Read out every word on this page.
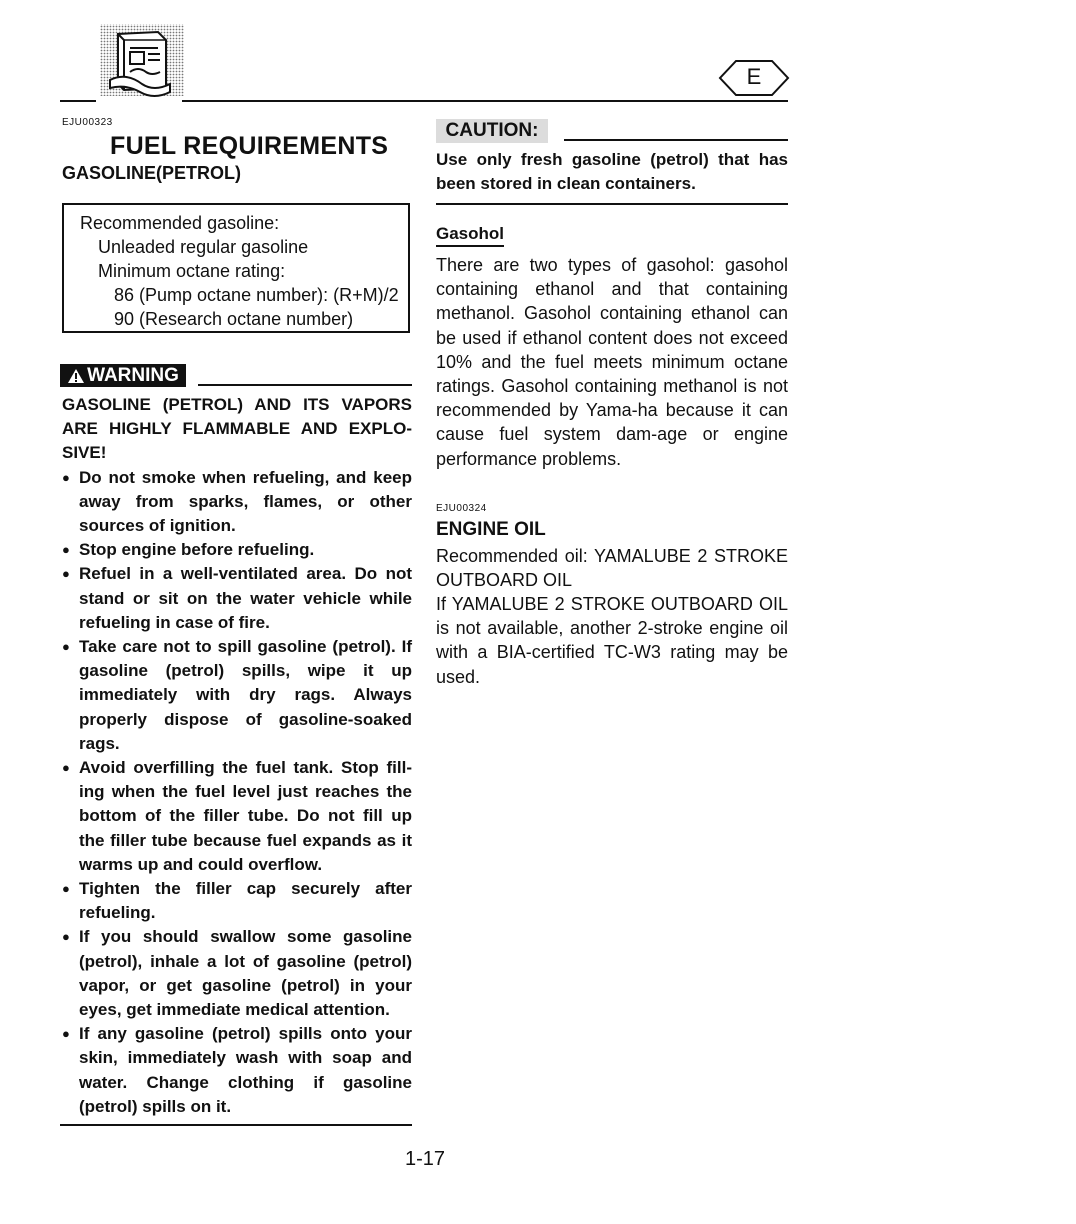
E
EJU00323
FUEL REQUIREMENTS
GASOLINE(PETROL)
Recommended gasoline:
Unleaded regular gasoline
Minimum octane rating:
86 (Pump octane number): (R+M)/2
90 (Research octane number)
WARNING
GASOLINE (PETROL) AND ITS VAPORS ARE HIGHLY FLAMMABLE AND EXPLO-SIVE!
● Do not smoke when refueling, and keep away from sparks, flames, or other sources of ignition.
● Stop engine before refueling.
● Refuel in a well-ventilated area. Do not stand or sit on the water vehicle while refueling in case of fire.
● Take care not to spill gasoline (petrol). If gasoline (petrol) spills, wipe it up immediately with dry rags. Always properly dispose of gasoline-soaked rags.
● Avoid overfilling the fuel tank. Stop fill-ing when the fuel level just reaches the bottom of the filler tube. Do not fill up the filler tube because fuel expands as it warms up and could overflow.
● Tighten the filler cap securely after refueling.
● If you should swallow some gasoline (petrol), inhale a lot of gasoline (petrol) vapor, or get gasoline (petrol) in your eyes, get immediate medical attention.
● If any gasoline (petrol) spills onto your skin, immediately wash with soap and water. Change clothing if gasoline (petrol) spills on it.
CAUTION:
Use only fresh gasoline (petrol) that has been stored in clean containers.
Gasohol
There are two types of gasohol: gasohol containing ethanol and that containing methanol. Gasohol containing ethanol can be used if ethanol content does not exceed 10% and the fuel meets minimum octane ratings. Gasohol containing methanol is not recommended by Yama-ha because it can cause fuel system dam-age or engine performance problems.
EJU00324
ENGINE OIL
Recommended oil: YAMALUBE 2 STROKE OUTBOARD OIL
If YAMALUBE 2 STROKE OUTBOARD OIL is not available, another 2-stroke engine oil with a BIA-certified TC-W3 rating may be used.
1-17
